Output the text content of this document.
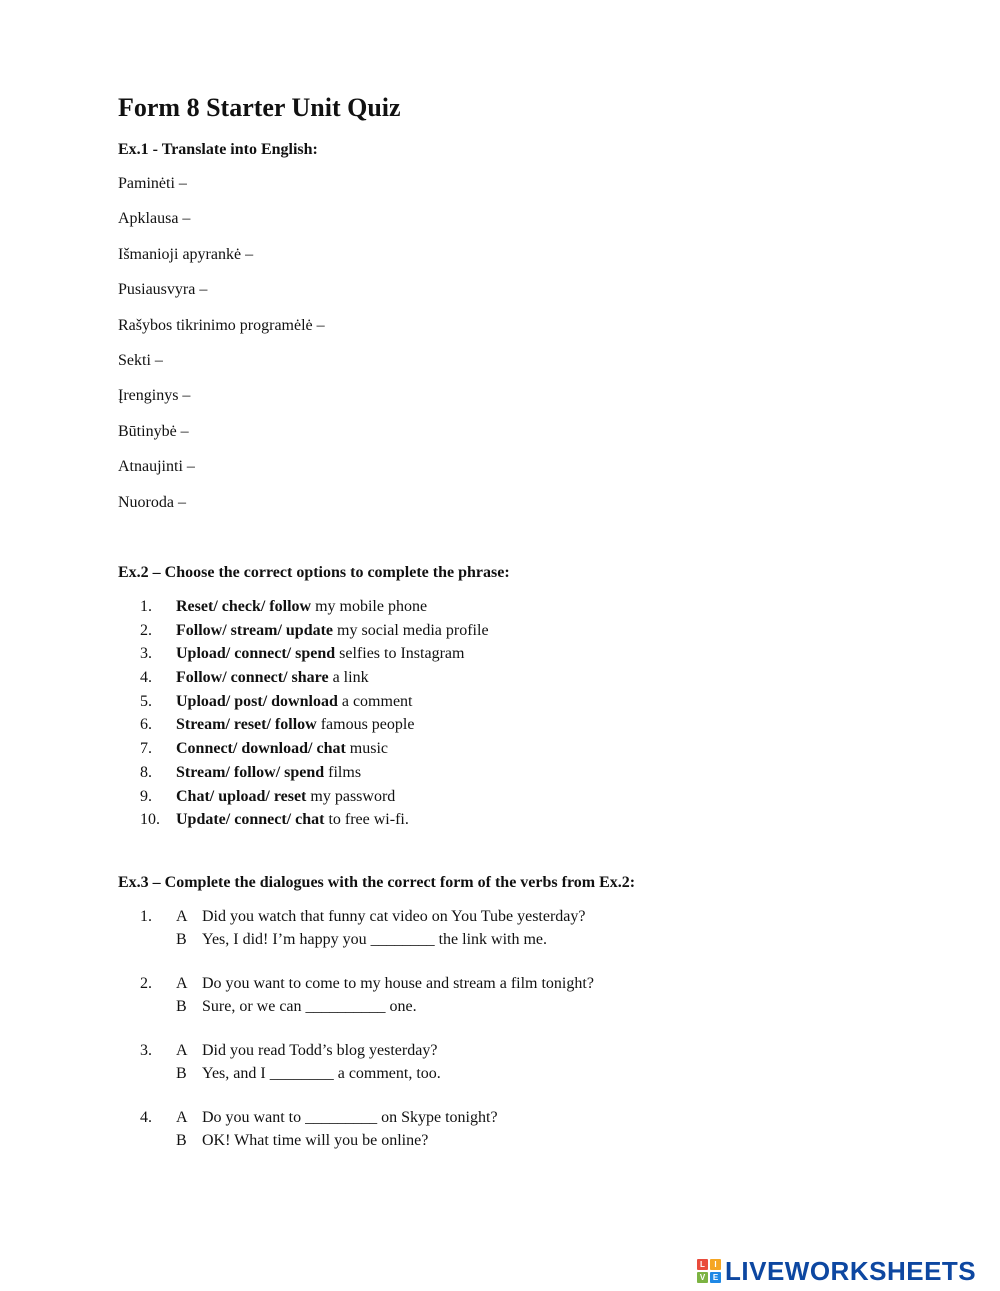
Form 8 Starter Unit Quiz
Ex.1 - Translate into English:
Paminėti –
Apklausa –
Išmanioji apyrankė –
Pusiausvyra –
Rašybos tikrinimo programėlė –
Sekti –
Įrenginys –
Būtinybė –
Atnaujinti –
Nuoroda –
Ex.2 – Choose the correct options to complete the phrase:
1. Reset/ check/ follow my mobile phone
2. Follow/ stream/ update my social media profile
3. Upload/ connect/ spend selfies to Instagram
4. Follow/ connect/ share a link
5. Upload/ post/ download a comment
6. Stream/ reset/ follow famous people
7. Connect/ download/ chat music
8. Stream/ follow/ spend films
9. Chat/ upload/ reset my password
10. Update/ connect/ chat to free wi-fi.
Ex.3 – Complete the dialogues with the correct form of the verbs from Ex.2:
1. A Did you watch that funny cat video on You Tube yesterday?
B Yes, I did! I’m happy you ________ the link with me.
2. A Do you want to come to my house and stream a film tonight?
B Sure, or we can __________ one.
3. A Did you read Todd’s blog yesterday?
B Yes, and I ________ a comment, too.
4. A Do you want to _________ on Skype tonight?
B OK! What time will you be online?
L	I
V E LIVEWORKSHEETS
